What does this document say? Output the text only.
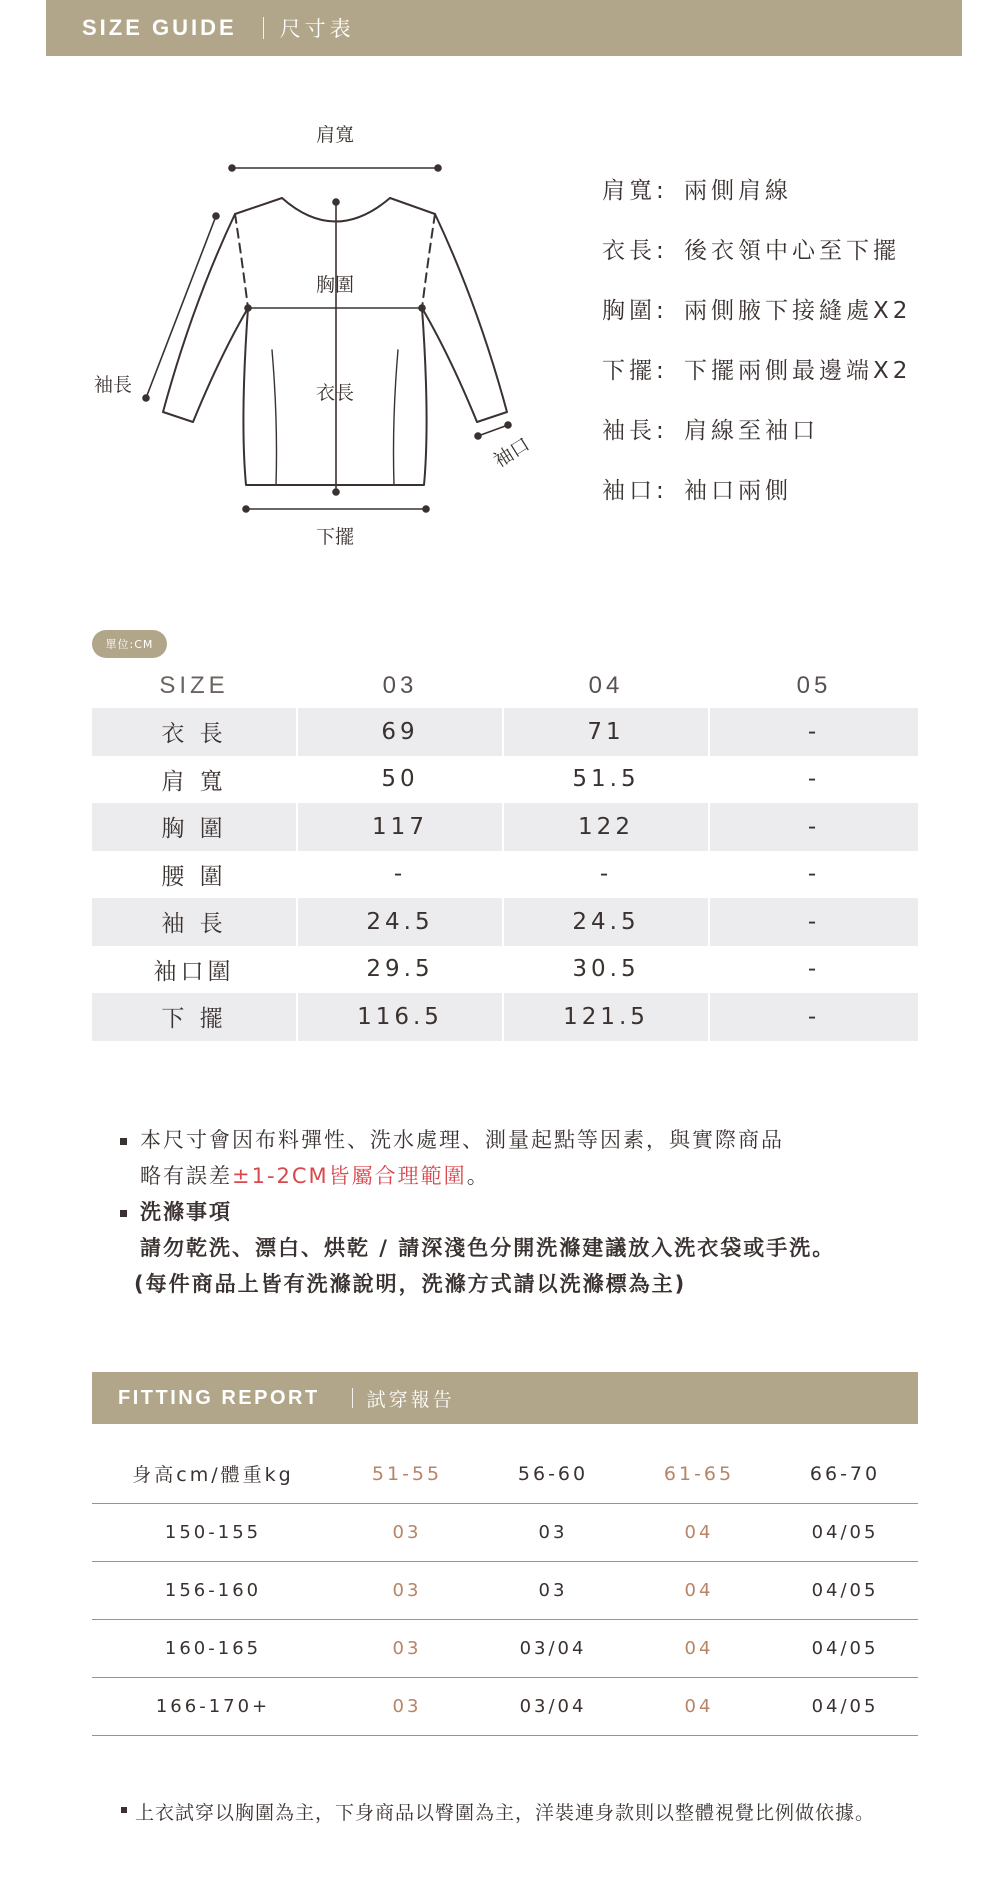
SIZE GUIDE 尺寸表
肩寬
胸圍
衣長
袖長
袖口
下擺
肩寬: 兩側肩線
衣長: 後衣領中心至下擺
胸圍: 兩側腋下接縫處X2
下擺: 下擺兩側最邊端X2
袖長: 肩線至袖口
袖口: 袖口兩側
單位:CM
SIZE	03	04	05
衣 長	69	71	-
肩 寬	50	51.5	-
胸 圍	117	122	-
腰 圍	-	-	-
袖 長	24.5	24.5	-
袖口圍	29.5	30.5	-
下 擺	116.5	121.5	-
本尺寸會因布料彈性、洗水處理、測量起點等因素，與實際商品
略有誤差±1-2CM皆屬合理範圍。
洗滌事項
請勿乾洗、漂白、烘乾 / 請深淺色分開洗滌建議放入洗衣袋或手洗。
(每件商品上皆有洗滌說明，洗滌方式請以洗滌標為主)
FITTING REPORT 試穿報告
身高cm/體重kg	51-55	56-60	61-65	66-70
150-155	03	03	04	04/05
156-160	03	03	04	04/05
160-165	03	03/04	04	04/05
166-170+	03	03/04	04	04/05
上衣試穿以胸圍為主，下身商品以臀圍為主，洋裝連身款則以整體視覺比例做依據。
